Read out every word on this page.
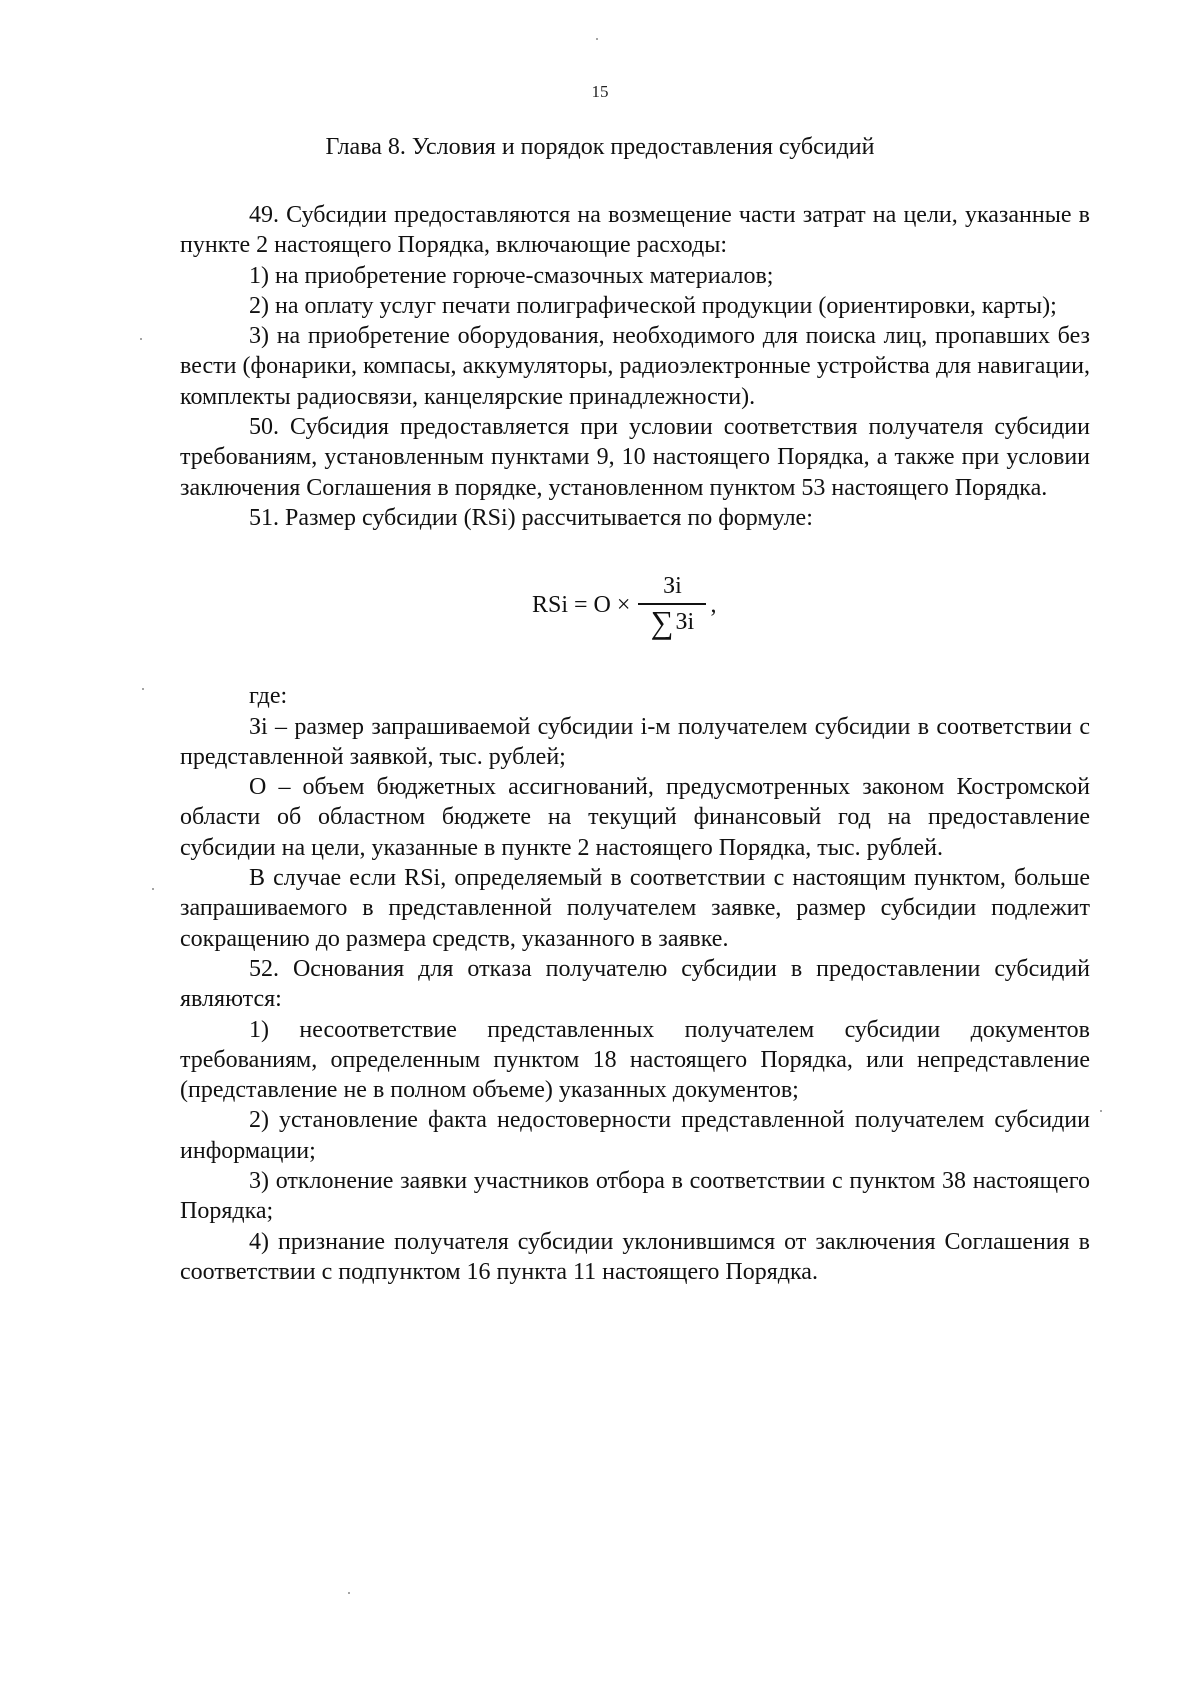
15
Глава 8. Условия и порядок предоставления субсидий

49. Субсидии предоставляются на возмещение части затрат на цели, указанные в пункте 2 настоящего Порядка, включающие расходы:

1) на приобретение горюче-смазочных материалов;

2) на оплату услуг печати полиграфической продукции (ориентировки, карты);

3) на приобретение оборудования, необходимого для поиска лиц, пропавших без вести (фонарики, компасы, аккумуляторы, радиоэлектронные устройства для навигации, комплекты радиосвязи, канцелярские принадлежности).

50. Субсидия предоставляется при условии соответствия получателя субсидии требованиям, установленным пунктами 9, 10 настоящего Порядка, а также при условии заключения Соглашения в порядке, установленном пунктом 53 настоящего Порядка.

51. Размер субсидии (RSi) рассчитывается по формуле:

RSi = $O \times \frac{Зi}{\sum Зi}$ ,

где:

Зi – размер запрашиваемой субсидии i-м получателем субсидии в соответствии с представленной заявкой, тыс. рублей;

О – объем бюджетных ассигнований, предусмотренных законом Костромской области об областном бюджете на текущий финансовый год на предоставление субсидии на цели, указанные в пункте 2 настоящего Порядка, тыс. рублей.

В случае если RSi, определяемый в соответствии с настоящим пунктом, больше запрашиваемого в представленной получателем заявке, размер субсидии подлежит сокращению до размера средств, указанного в заявке.

52. Основания для отказа получателю субсидии в предоставлении субсидий являются:

1) несоответствие представленных получателем субсидии документов требованиям, определенным пунктом 18 настоящего Порядка, или непредставление (представление не в полном объеме) указанных документов;

2) установление факта недостоверности представленной получателем субсидии информации;

3) отклонение заявки участников отбора в соответствии с пунктом 38 настоящего Порядка;

4) признание получателя субсидии уклонившимся от заключения Соглашения в соответствии с подпунктом 16 пункта 11 настоящего Порядка.
